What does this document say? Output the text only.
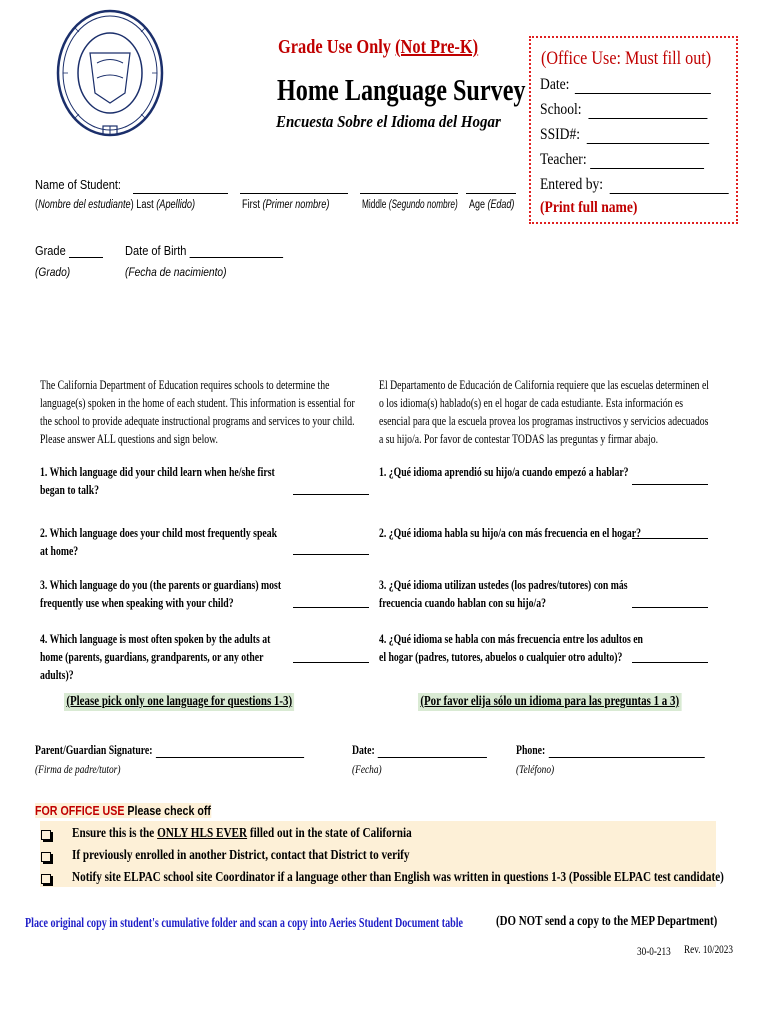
Grade Use Only (Not Pre-K)
Home Language Survey
Encuesta Sobre el Idioma del Hogar
(Office Use: Must fill out)
Date:
School:
SSID#:
Teacher:
Entered by:
(Print full name)
Name of Student:
(Nombre del estudiante) Last (Apellido)	First (Primer nombre)	Middle (Segundo nombre) Age (Edad)
Grade
(Grado)
Date of Birth
(Fecha de nacimiento)
The California Department of Education requires schools to determine the language(s) spoken in the home of each student. This information is essential for the school to provide adequate instructional programs and services to your child. Please answer ALL questions and sign below.
El Departamento de Educación de California requiere que las escuelas determinen el o los idioma(s) hablado(s) en el hogar de cada estudiante. Esta información es esencial para que la escuela provea los programas instructivos y servicios adecuados a su hijo/a. Por favor de contestar TODAS las preguntas y firmar abajo.
1. Which language did your child learn when he/she first began to talk?
1. ¿Qué idioma aprendió su hijo/a cuando empezó a hablar?
2. Which language does your child most frequently speak at home?
2. ¿Qué idioma habla su hijo/a con más frecuencia en el hogar?
3. Which language do you (the parents or guardians) most frequently use when speaking with your child?
3. ¿Qué idioma utilizan ustedes (los padres/tutores) con más frecuencia cuando hablan con su hijo/a?
4. Which language is most often spoken by the adults at home (parents, guardians, grandparents, or any other adults)?
4. ¿Qué idioma se habla con más frecuencia entre los adultos en el hogar (padres, tutores, abuelos o cualquier otro adulto)?
(Please pick only one language for questions 1-3)	(Por favor elija sólo un idioma para las preguntas 1 a 3)
Parent/Guardian Signature:
(Firma de padre/tutor)
Date:
(Fecha)
Phone:
(Teléfono)
FOR OFFICE USE Please check off
Ensure this is the ONLY HLS EVER filled out in the state of California
If previously enrolled in another District, contact that District to verify
Notify site ELPAC school site Coordinator if a language other than English was written in questions 1-3 (Possible ELPAC test candidate)
Place original copy in student's cumulative folder and scan a copy into Aeries Student Document table (DO NOT send a copy to the MEP Department)
30-0-213 Rev. 10/2023
